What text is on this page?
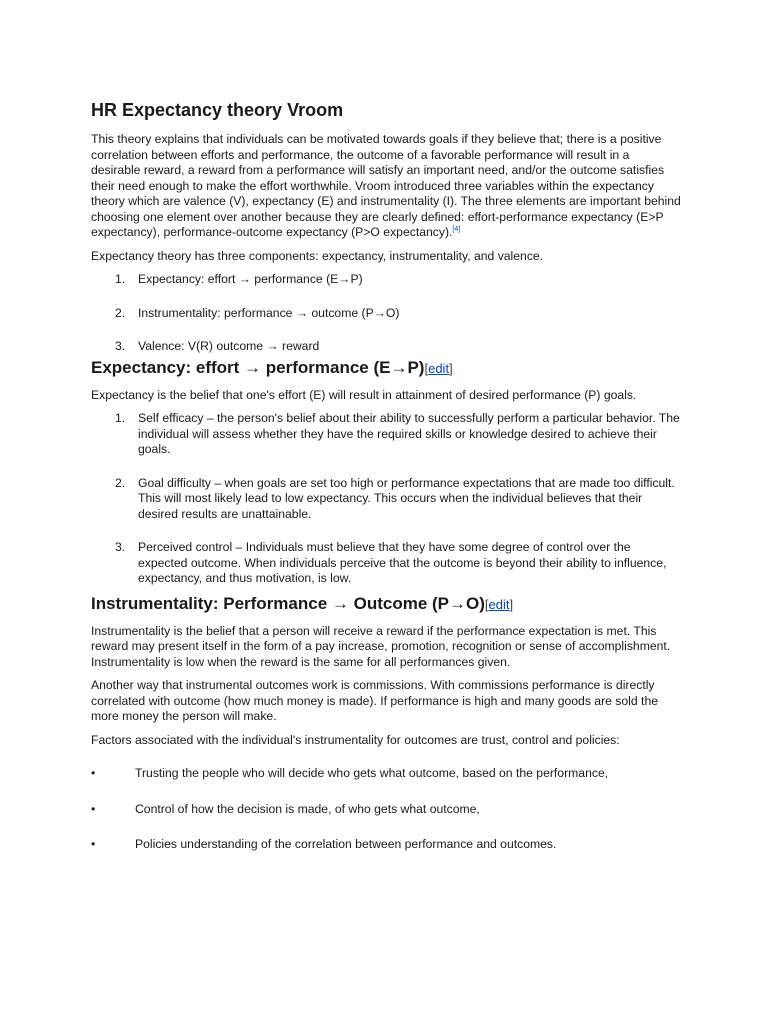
HR Expectancy theory Vroom

This theory explains that individuals can be motivated towards goals if they believe that; there is a positive correlation between efforts and performance, the outcome of a favorable performance will result in a desirable reward, a reward from a performance will satisfy an important need, and/or the outcome satisfies their need enough to make the effort worthwhile. Vroom introduced three variables within the expectancy theory which are valence (V), expectancy (E) and instrumentality (I). The three elements are important behind choosing one element over another because they are clearly defined: effort-performance expectancy (E>P expectancy), performance-outcome expectancy (P>O expectancy).[4]

Expectancy theory has three components: expectancy, instrumentality, and valence.

1. Expectancy: effort → performance (E→P)
2. Instrumentality: performance → outcome (P→O)
3. Valence: V(R) outcome → reward
Expectancy: effort → performance (E→P)[edit]

Expectancy is the belief that one's effort (E) will result in attainment of desired performance (P) goals.

1. Self efficacy – the person's belief about their ability to successfully perform a particular behavior. The individual will assess whether they have the required skills or knowledge desired to achieve their goals.
2. Goal difficulty – when goals are set too high or performance expectations that are made too difficult. This will most likely lead to low expectancy. This occurs when the individual believes that their desired results are unattainable.
3. Perceived control – Individuals must believe that they have some degree of control over the expected outcome. When individuals perceive that the outcome is beyond their ability to influence, expectancy, and thus motivation, is low.
Instrumentality: Performance → Outcome (P→O)[edit]

Instrumentality is the belief that a person will receive a reward if the performance expectation is met. This reward may present itself in the form of a pay increase, promotion, recognition or sense of accomplishment. Instrumentality is low when the reward is the same for all performances given.

Another way that instrumental outcomes work is commissions. With commissions performance is directly correlated with outcome (how much money is made). If performance is high and many goods are sold the more money the person will make.

Factors associated with the individual's instrumentality for outcomes are trust, control and policies:

•	Trusting the people who will decide who gets what outcome, based on the performance,
•	Control of how the decision is made, of who gets what outcome,
•	Policies understanding of the correlation between performance and outcomes.
